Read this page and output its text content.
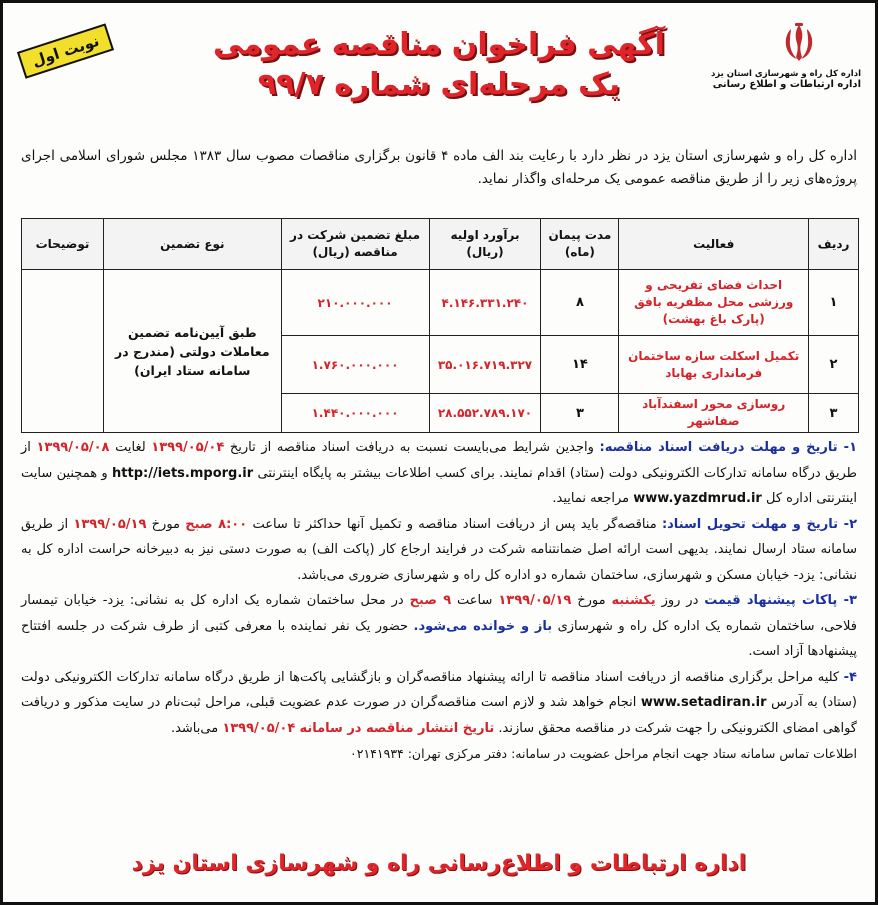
اداره کل راه و شهرسازی استان یزد
اداره ارتباطات و اطلاع رسانی
نوبت اول	آگهی فراخوان مناقصه عمومی
یک مرحله‌ای شماره ۹۹/۷
اداره کل راه و شهرسازی استان یزد در نظر دارد با رعایت بند الف ماده ۴ قانون برگزاری مناقصات مصوب سال ۱۳۸۳ مجلس شورای اسلامی اجرای پروژه‌های زیر را از طریق مناقصه عمومی یک مرحله‌ای واگذار نماید.
ردیف	فعالیت	مدت پیمان (ماه)	برآورد اولیه (ریال)	مبلغ تضمین شرکت در مناقصه (ریال)	نوع تضمین	توضیحات
۱	احداث فضای تفریحی و ورزشی محل مظفریه بافق (پارک باغ بهشت)	۸	۴.۱۴۶.۳۳۱.۲۴۰	۲۱۰.۰۰۰.۰۰۰	طبق آیین‌نامه تضمین معاملات دولتی (مندرج در سامانه ستاد ایران)	
۲	تکمیل اسکلت سازه ساختمان فرمانداری بهاباد	۱۴	۳۵.۰۱۶.۷۱۹.۳۲۷	۱.۷۶۰.۰۰۰.۰۰۰		
۳	روسازی محور اسفندآباد صفاشهر	۳	۲۸.۵۵۲.۷۸۹.۱۷۰	۱.۴۴۰.۰۰۰.۰۰۰		

۱- تاریخ و مهلت دریافت اسناد مناقصه: واجدین شرایط می‌بایست نسبت به دریافت اسناد مناقصه از تاریخ ۱۳۹۹/۰۵/۰۴ لغایت ۱۳۹۹/۰۵/۰۸ از طریق درگاه سامانه تدارکات الکترونیکی دولت (ستاد) اقدام نمایند. برای کسب اطلاعات بیشتر به پایگاه اینترنتی http://iets.mporg.ir و همچنین سایت اینترنتی اداره کل www.yazdmrud.ir مراجعه نمایید.

۲- تاریخ و مهلت تحویل اسناد: مناقصه‌گر باید پس از دریافت اسناد مناقصه و تکمیل آنها حداکثر تا ساعت ۸:۰۰ صبح مورخ ۱۳۹۹/۰۵/۱۹ از طریق سامانه ستاد ارسال نمایند. بدیهی است ارائه اصل ضمانتنامه شرکت در فرایند ارجاع کار (پاکت الف) به صورت دستی نیز به دبیرخانه حراست اداره کل به نشانی: یزد- خیابان مسکن و شهرسازی، ساختمان شماره دو اداره کل راه و شهرسازی ضروری می‌باشد.

۳- پاکات پیشنهاد قیمت در روز یکشنبه مورخ ۱۳۹۹/۰۵/۱۹ ساعت ۹ صبح در محل ساختمان شماره یک اداره کل به نشانی: یزد- خیابان تیمسار فلاحی، ساختمان شماره یک اداره کل راه و شهرسازی باز و خوانده می‌شود. حضور یک نفر نماینده با معرفی کتبی از طرف شرکت در جلسه افتتاح پیشنهادها آزاد است.

۴- کلیه مراحل برگزاری مناقصه از دریافت اسناد مناقصه تا ارائه پیشنهاد مناقصه‌گران و بازگشایی پاکت‌ها از طریق درگاه سامانه تدارکات الکترونیکی دولت (ستاد) به آدرس www.setadiran.ir انجام خواهد شد و لازم است مناقصه‌گران در صورت عدم عضویت قبلی، مراحل ثبت‌نام در سایت مذکور و دریافت گواهی امضای الکترونیکی را جهت شرکت در مناقصه محقق سازند. تاریخ انتشار مناقصه در سامانه ۱۳۹۹/۰۵/۰۴ می‌باشد.

اطلاعات تماس سامانه ستاد جهت انجام مراحل عضویت در سامانه: دفتر مرکزی تهران: ۰۲۱۴۱۹۳۴

اداره ارتباطات و اطلاع‌رسانی راه و شهرسازی استان یزد
